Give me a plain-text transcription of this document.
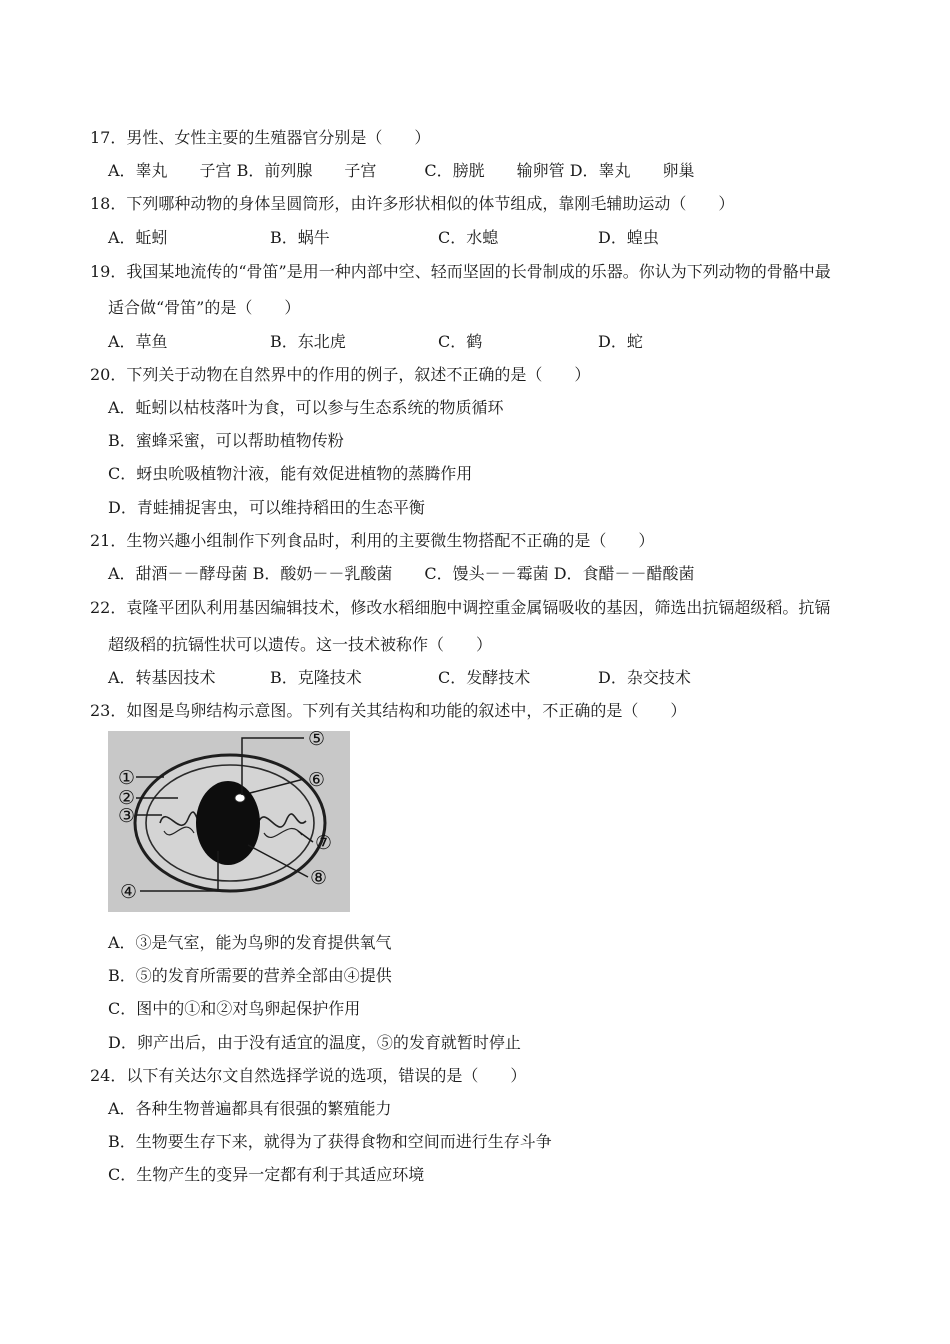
17．男性、女性主要的生殖器官分别是（　　）
A．睾丸　　子宫 B．前列腺　　子宫　　　C．膀胱　　输卵管 D．睾丸　　卵巢
18．下列哪种动物的身体呈圆筒形，由许多形状相似的体节组成，靠刚毛辅助运动（　　）
A．蚯蚓	B．蜗牛	C．水螅	D．蝗虫
19．我国某地流传的“骨笛”是用一种内部中空、轻而坚固的长骨制成的乐器。你认为下列动物的骨骼中最
适合做“骨笛”的是（　　）
A．草鱼	B．东北虎	C．鹤	D．蛇
20．下列关于动物在自然界中的作用的例子，叙述不正确的是（　　）
A．蚯蚓以枯枝落叶为食，可以参与生态系统的物质循环
B．蜜蜂采蜜，可以帮助植物传粉
C．蚜虫吮吸植物汁液，能有效促进植物的蒸腾作用
D．青蛙捕捉害虫，可以维持稻田的生态平衡
21．生物兴趣小组制作下列食品时，利用的主要微生物搭配不正确的是（　　）
A．甜酒－－酵母菌 B．酸奶－－乳酸菌　　C．馒头－－霉菌 D．食醋－－醋酸菌
22．袁隆平团队利用基因编辑技术，修改水稻细胞中调控重金属镉吸收的基因，筛选出抗镉超级稻。抗镉
超级稻的抗镉性状可以遗传。这一技术被称作（　　）
A．转基因技术	B．克隆技术	C．发酵技术	D．杂交技术
23．如图是鸟卵结构示意图。下列有关其结构和功能的叙述中，不正确的是（　　）
①
②
③
④
⑤
⑥
⑦
⑧
A．③是气室，能为鸟卵的发育提供氧气
B．⑤的发育所需要的营养全部由④提供
C．图中的①和②对鸟卵起保护作用
D．卵产出后，由于没有适宜的温度，⑤的发育就暂时停止
24．以下有关达尔文自然选择学说的选项，错误的是（　　）
A．各种生物普遍都具有很强的繁殖能力
B．生物要生存下来，就得为了获得食物和空间而进行生存斗争
C．生物产生的变异一定都有利于其适应环境
